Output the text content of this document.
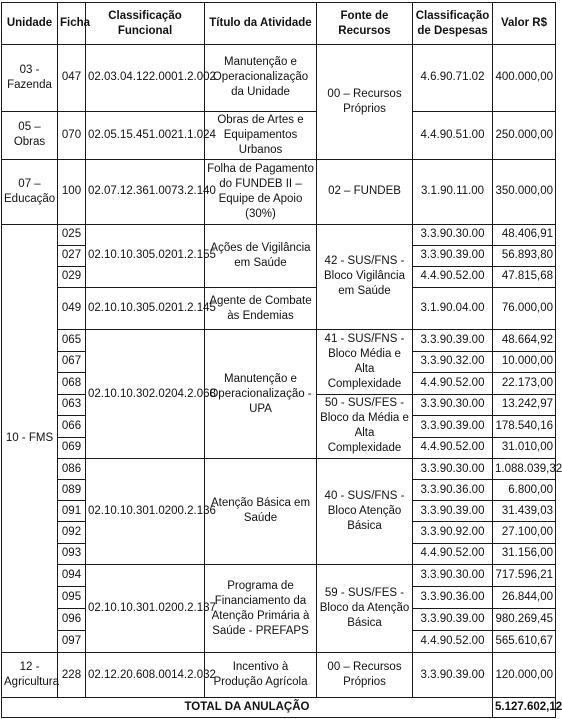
Unidade	Ficha	Classificação Funcional	Título da Atividade	Fonte de Recursos	Classificação de Despesas	Valor R$
03 - Fazenda	047	02.03.04.122.0001.2.002	Manutenção e Operacionalização da Unidade	00 – Recursos Próprios	4.6.90.71.02	400.000,00
05 – Obras	070	02.05.15.451.0021.1.024	Obras de Artes e Equipamentos Urbanos		4.4.90.51.00	250.000,00
07 – Educação	100	02.07.12.361.0073.2.140	Folha de Pagamento do FUNDEB II – Equipe de Apoio (30%)	02 – FUNDEB	3.1.90.11.00	350.000,00
10 - FMS	025	02.10.10.305.0201.2.155	Ações de Vigilância em Saúde	42 - SUS/FNS - Bloco Vigilância em Saúde	3.3.90.30.00	48.406,91
	027				3.3.90.39.00	56.893,80
	029				4.4.90.52.00	47.815,68
	049	02.10.10.305.0201.2.145	Agente de Combate às Endemias		3.1.90.04.00	76.000,00
	065	02.10.10.302.0204.2.068	Manutenção e Operacionalização - UPA	41 - SUS/FNS - Bloco Média e Alta Complexidade	3.3.90.39.00	48.664,92
	067				3.3.90.32.00	10.000,00
	068				4.4.90.52.00	22.173,00
	063			50 - SUS/FES - Bloco da Média e Alta Complexidade	3.3.90.30.00	13.242,97
	066				3.3.90.39.00	178.540,16
	069				4.4.90.52.00	31.010,00
	086	02.10.10.301.0200.2.136	Atenção Básica em Saúde	40 - SUS/FNS - Bloco Atenção Básica	3.3.90.30.00	1.088.039,32
	089				3.3.90.36.00	6.800,00
	091				3.3.90.39.00	31.439,03
	092				3.3.90.92.00	27.100,00
	093				4.4.90.52.00	31.156,00
	094	02.10.10.301.0200.2.137	Programa de Financiamento da Atenção Primária à Saúde - PREFAPS	59 - SUS/FES - Bloco da Atenção Básica	3.3.90.30.00	717.596,21
	095				3.3.90.36.00	26.844,00
	096				3.3.90.39.00	980.269,45
	097				4.4.90.52.00	565.610,67
12 - Agricultura	228	02.12.20.608.0014.2.032	Incentivo à Produção Agrícola	00 – Recursos Próprios	3.3.90.39.00	120.000,00
TOTAL DA ANULAÇÃO						5.127.602,12
